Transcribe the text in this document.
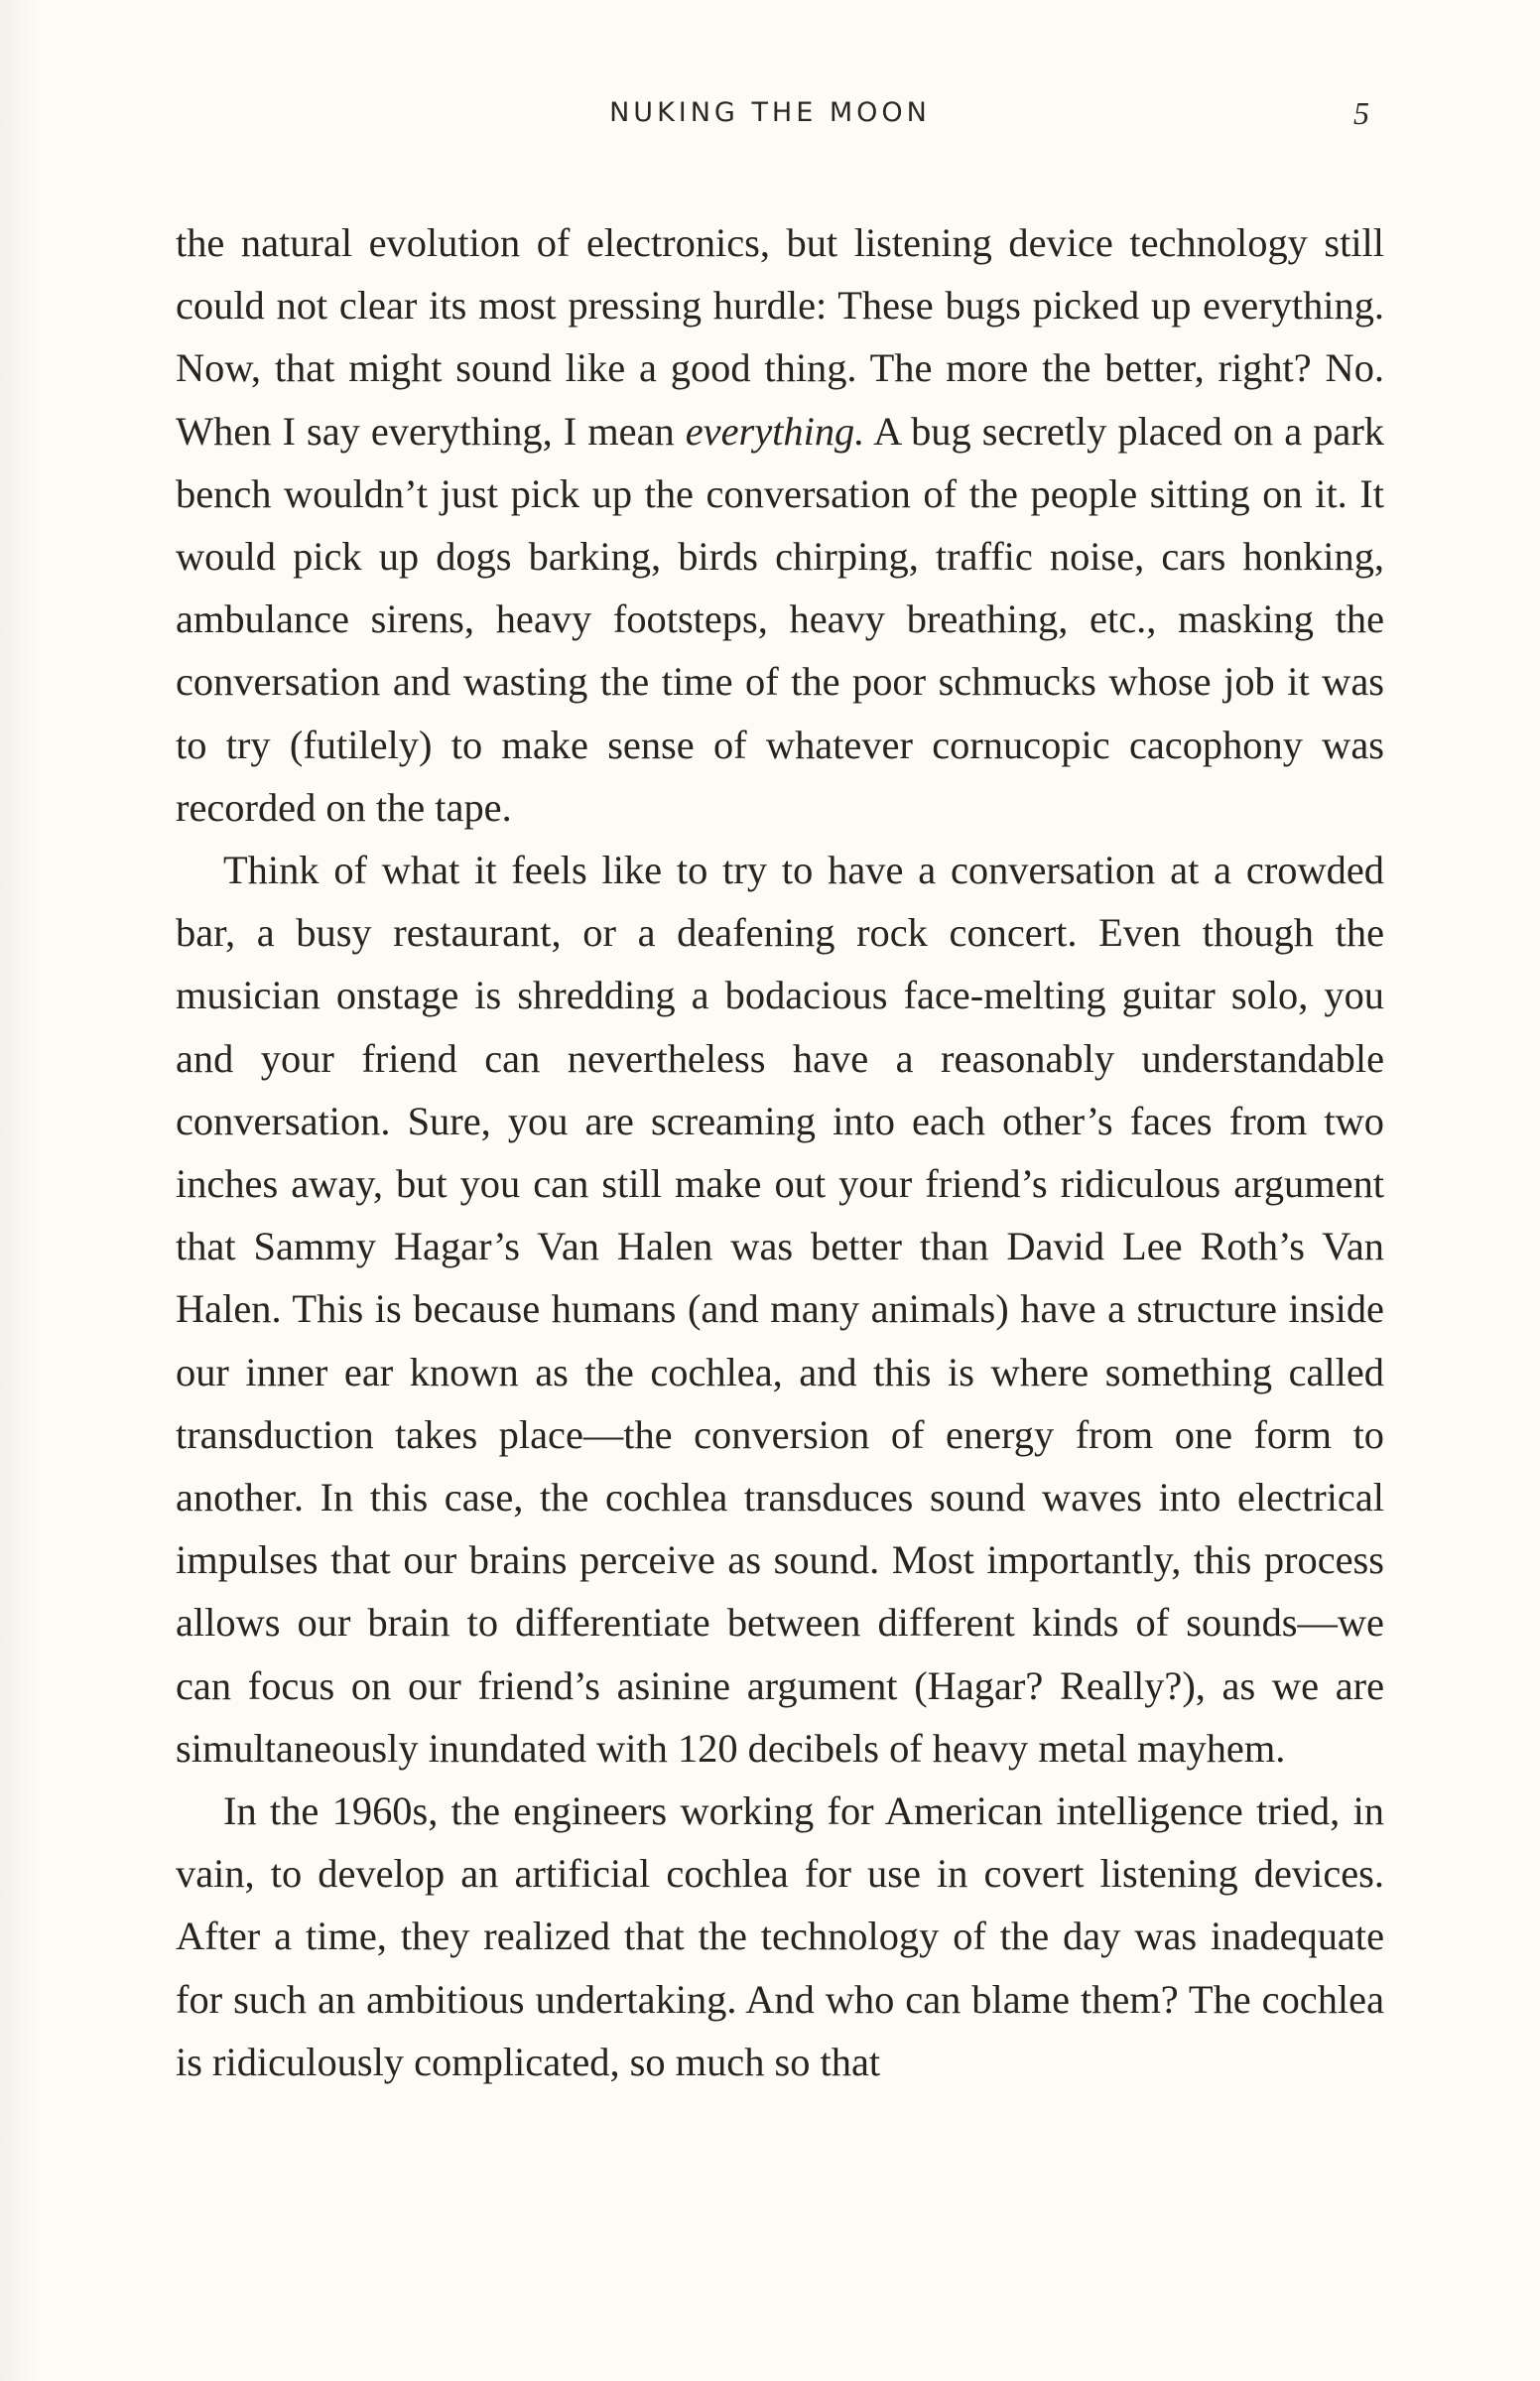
NUKING THE MOON	5

the natural evolution of electronics, but listening device technology still could not clear its most pressing hurdle: These bugs picked up everything. Now, that might sound like a good thing. The more the better, right? No. When I say everything, I mean everything. A bug secretly placed on a park bench wouldn’t just pick up the conversation of the people sitting on it. It would pick up dogs barking, birds chirping, traffic noise, cars honking, ambulance sirens, heavy footsteps, heavy breathing, etc., masking the conversation and wasting the time of the poor schmucks whose job it was to try (futilely) to make sense of whatever cornucopic cacophony was recorded on the tape.

Think of what it feels like to try to have a conversation at a crowded bar, a busy restaurant, or a deafening rock concert. Even though the musician onstage is shredding a bodacious face-melting guitar solo, you and your friend can nevertheless have a reasonably understandable conversation. Sure, you are screaming into each other’s faces from two inches away, but you can still make out your friend’s ridiculous argument that Sammy Hagar’s Van Halen was better than David Lee Roth’s Van Halen. This is because humans (and many animals) have a structure inside our inner ear known as the cochlea, and this is where something called transduction takes place—the conversion of energy from one form to another. In this case, the cochlea transduces sound waves into electrical impulses that our brains perceive as sound. Most importantly, this process allows our brain to differentiate between different kinds of sounds—we can focus on our friend’s asinine argument (Hagar? Really?), as we are simultaneously inundated with 120 decibels of heavy metal mayhem.

In the 1960s, the engineers working for American intelligence tried, in vain, to develop an artificial cochlea for use in covert listening devices. After a time, they realized that the technology of the day was inadequate for such an ambitious undertaking. And who can blame them? The cochlea is ridiculously complicated, so much so that
